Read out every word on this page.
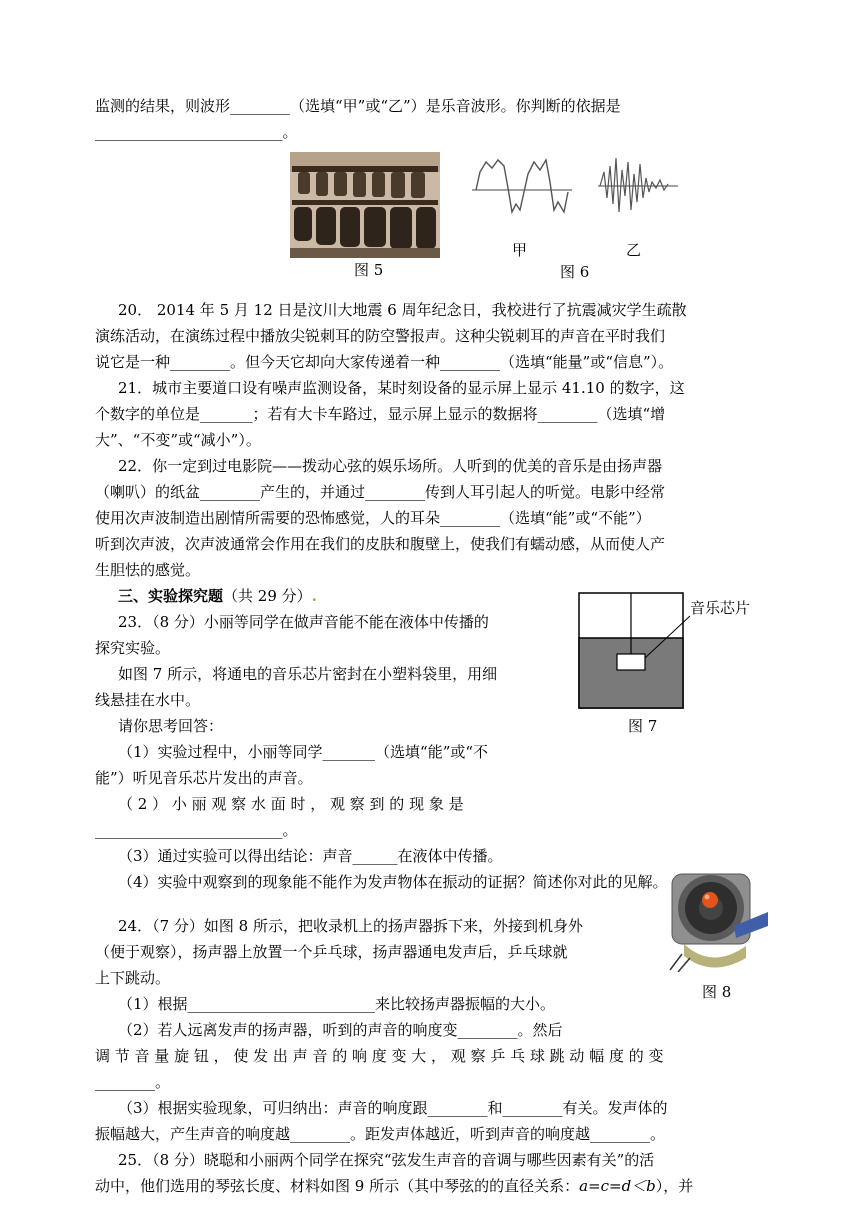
监测的结果，则波形________（选填“甲”或“乙”）是乐音波形。你判断的依据是
_________________________。
图 5
甲	乙
图 6
20． 2014 年 5 月 12 日是汶川大地震 6 周年纪念日，我校进行了抗震减灾学生疏散
演练活动，在演练过程中播放尖锐刺耳的防空警报声。这种尖锐刺耳的声音在平时我们
说它是一种________。但今天它却向大家传递着一种________（选填“能量”或“信息”）。
21．城市主要道口设有噪声监测设备，某时刻设备的显示屏上显示 41.10 的数字，这
个数字的单位是_______；若有大卡车路过，显示屏上显示的数据将________（选填“增
大”、“不变”或“减小”）。
22．你一定到过电影院——拨动心弦的娱乐场所。人听到的优美的音乐是由扬声器
（喇叭）的纸盆________产生的，并通过________传到人耳引起人的听觉。电影中经常
使用次声波制造出剧情所需要的恐怖感觉，人的耳朵________（选填“能”或“不能”）
听到次声波，次声波通常会作用在我们的皮肤和腹壁上，使我们有蠕动感，从而使人产
生胆怯的感觉。
三、实验探究题（共 29 分）.
23．（8 分）小丽等同学在做声音能不能在液体中传播的
探究实验。
如图 7 所示，将通电的音乐芯片密封在小塑料袋里，用细
线悬挂在水中。
请你思考回答：
（1）实验过程中，小丽等同学_______（选填“能”或“不
能”）听见音乐芯片发出的声音。
（ 2 ） 小 丽 观 察 水 面 时 ， 观 察 到 的 现 象 是
_________________________。
（3）通过实验可以得出结论：声音______在液体中传播。
（4）实验中观察到的现象能不能作为发声物体在振动的证据？简述你对此的见解。
音乐芯片
图 7
24．（7 分）如图 8 所示，把收录机上的扬声器拆下来，外接到机身外
（便于观察），扬声器上放置一个乒乓球，扬声器通电发声后，乒乓球就
上下跳动。
（1）根据_________________________来比较扬声器振幅的大小。
（2）若人远离发声的扬声器，听到的声音的响度变________。然后
调 节 音 量 旋 钮 ， 使 发 出 声 音 的 响 度 变 大 ， 观 察 乒 乓 球 跳 动 幅 度 的 变
________。
（3）根据实验现象，可归纳出：声音的响度跟________和________有关。发声体的
振幅越大，产生声音的响度越________。距发声体越近，听到声音的响度越________。
图 8
25．（8 分）晓聪和小丽两个同学在探究“弦发生声音的音调与哪些因素有关”的活
动中，他们选用的琴弦长度、材料如图 9 所示（其中琴弦的的直径关系：a=c=d＜b），并
